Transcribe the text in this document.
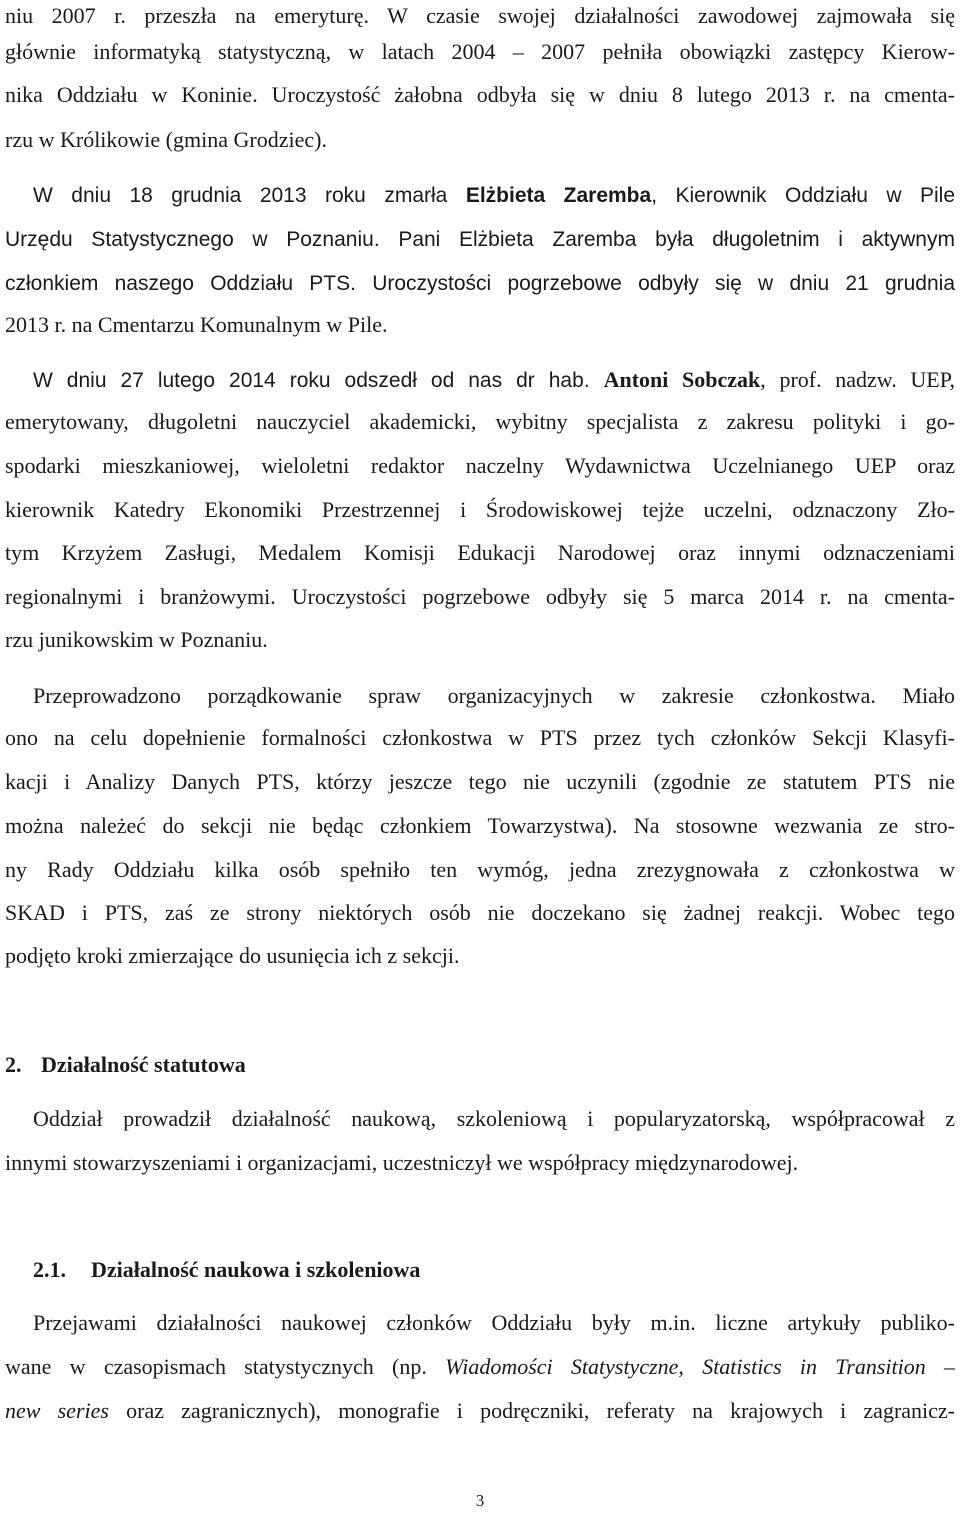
niu 2007 r. przeszła na emeryturę. W czasie swojej działalności zawodowej zajmowała się
głównie informatyką statystyczną, w latach 2004 – 2007 pełniła obowiązki zastępcy Kierow-
nika Oddziału w Koninie. Uroczystość żałobna odbyła się w dniu 8 lutego 2013 r. na cmenta-
rzu w Królikowie (gmina Grodziec).
W dniu 18 grudnia 2013 roku zmarła Elżbieta Zaremba, Kierownik Oddziału w Pile
Urzędu Statystycznego w Poznaniu. Pani Elżbieta Zaremba była długoletnim i aktywnym
członkiem naszego Oddziału PTS. Uroczystości pogrzebowe odbyły się w dniu 21 grudnia
2013 r. na Cmentarzu Komunalnym w Pile.
W dniu 27 lutego 2014 roku odszedł od nas dr hab. Antoni Sobczak, prof. nadzw. UEP,
emerytowany, długoletni nauczyciel akademicki, wybitny specjalista z zakresu polityki i go-
spodarki mieszkaniowej, wieloletni redaktor naczelny Wydawnictwa Uczelnianego UEP oraz
kierownik Katedry Ekonomiki Przestrzennej i Środowiskowej tejże uczelni, odznaczony Zło-
tym Krzyżem Zasługi, Medalem Komisji Edukacji Narodowej oraz innymi odznaczeniami
regionalnymi i branżowymi. Uroczystości pogrzebowe odbyły się 5 marca 2014 r. na cmenta-
rzu junikowskim w Poznaniu.
Przeprowadzono porządkowanie spraw organizacyjnych w zakresie członkostwa. Miało
ono na celu dopełnienie formalności członkostwa w PTS przez tych członków Sekcji Klasyfi-
kacji i Analizy Danych PTS, którzy jeszcze tego nie uczynili (zgodnie ze statutem PTS nie
można należeć do sekcji nie będąc członkiem Towarzystwa). Na stosowne wezwania ze stro-
ny Rady Oddziału kilka osób spełniło ten wymóg, jedna zrezygnowała z członkostwa w
SKAD i PTS, zaś ze strony niektórych osób nie doczekano się żadnej reakcji. Wobec tego
podjęto kroki zmierzające do usunięcia ich z sekcji.
2. Działalność statutowa
Oddział prowadził działalność naukową, szkoleniową i popularyzatorską, współpracował z
innymi stowarzyszeniami i organizacjami, uczestniczył we współpracy międzynarodowej.
2.1. Działalność naukowa i szkoleniowa
Przejawami działalności naukowej członków Oddziału były m.in. liczne artykuły publiko-
wane w czasopismach statystycznych (np. Wiadomości Statystyczne, Statistics in Transition –
new series oraz zagranicznych), monografie i podręczniki, referaty na krajowych i zagranicz-
3
